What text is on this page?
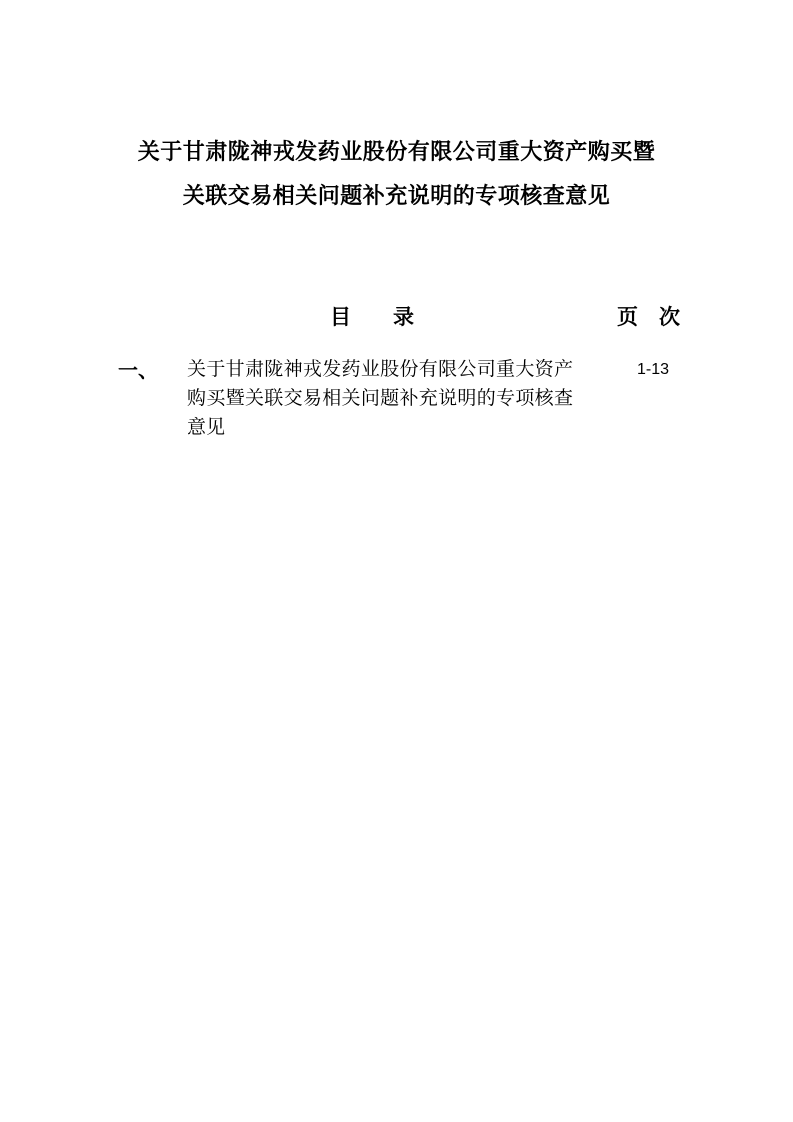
关于甘肃陇神戎发药业股份有限公司重大资产购买暨
关联交易相关问题补充说明的专项核查意见
目　　录	页　次
一、 关于甘肃陇神戎发药业股份有限公司重大资产购买暨关联交易相关问题补充说明的专项核查意见
1-13
